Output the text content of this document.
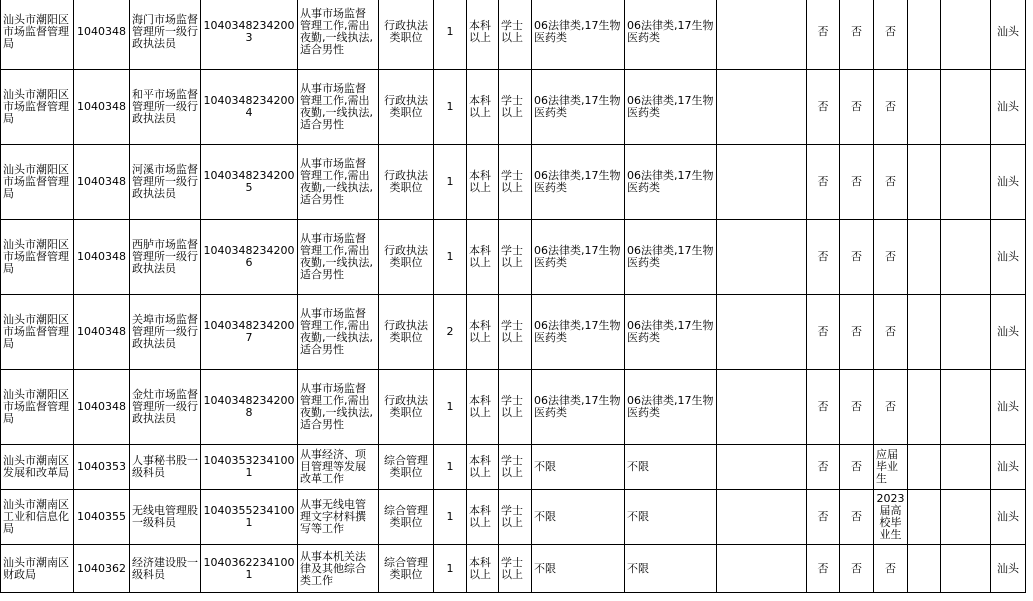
汕头市潮阳区市场监督管理局	1040348	海门市场监督管理所一级行政执法员	10403482342003	从事市场监督管理工作,需出夜勤,一线执法,适合男性	行政执法类职位	1	本科以上	学士以上	06法律类,17生物医药类	06法律类,17生物医药类		否	否	否			汕头
汕头市潮阳区市场监督管理局	1040348	和平市场监督管理所一级行政执法员	10403482342004	从事市场监督管理工作,需出夜勤,一线执法,适合男性	行政执法类职位	1	本科以上	学士以上	06法律类,17生物医药类	06法律类,17生物医药类		否	否	否			汕头
汕头市潮阳区市场监督管理局	1040348	河溪市场监督管理所一级行政执法员	10403482342005	从事市场监督管理工作,需出夜勤,一线执法,适合男性	行政执法类职位	1	本科以上	学士以上	06法律类,17生物医药类	06法律类,17生物医药类		否	否	否			汕头
汕头市潮阳区市场监督管理局	1040348	西胪市场监督管理所一级行政执法员	10403482342006	从事市场监督管理工作,需出夜勤,一线执法,适合男性	行政执法类职位	1	本科以上	学士以上	06法律类,17生物医药类	06法律类,17生物医药类		否	否	否			汕头
汕头市潮阳区市场监督管理局	1040348	关埠市场监督管理所一级行政执法员	10403482342007	从事市场监督管理工作,需出夜勤,一线执法,适合男性	行政执法类职位	2	本科以上	学士以上	06法律类,17生物医药类	06法律类,17生物医药类		否	否	否			汕头
汕头市潮阳区市场监督管理局	1040348	金灶市场监督管理所一级行政执法员	10403482342008	从事市场监督管理工作,需出夜勤,一线执法,适合男性	行政执法类职位	1	本科以上	学士以上	06法律类,17生物医药类	06法律类,17生物医药类		否	否	否			汕头
汕头市潮南区发展和改革局	1040353	人事秘书股一级科员	10403532341001	从事经济、项目管理等发展改革工作	综合管理类职位	1	本科以上	学士以上	不限	不限		否	否	应届毕业生			汕头
汕头市潮南区工业和信息化局	1040355	无线电管理股一级科员	10403552341001	从事无线电管理文字材料撰写等工作	综合管理类职位	1	本科以上	学士以上	不限	不限		否	否	2023届高校毕业生			汕头
汕头市潮南区财政局	1040362	经济建设股一级科员	10403622341001	从事本机关法律及其他综合类工作	综合管理类职位	1	本科以上	学士以上	不限	不限		否	否	否			汕头
